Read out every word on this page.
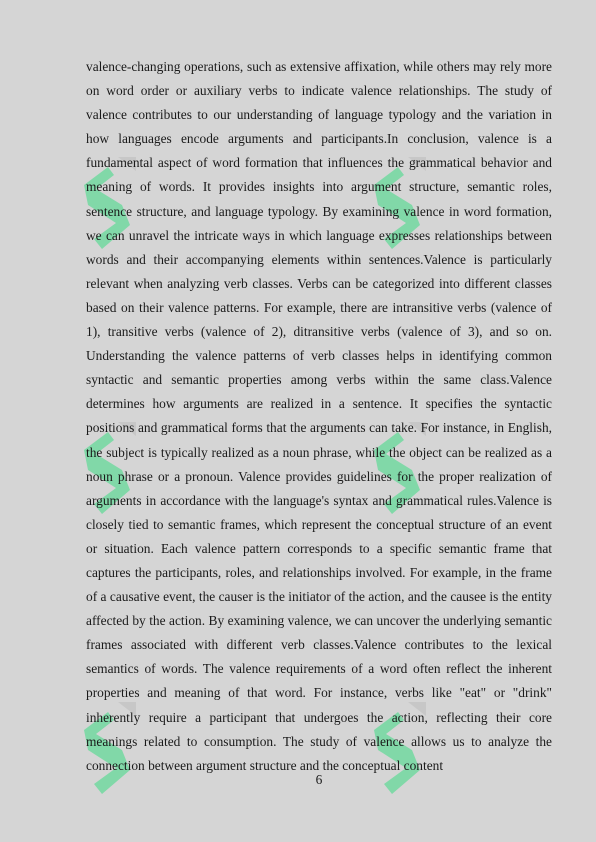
valence-changing operations, such as extensive affixation, while others may rely more on word order or auxiliary verbs to indicate valence relationships. The study of valence contributes to our understanding of language typology and the variation in how languages encode arguments and participants.In conclusion, valence is a fundamental aspect of word formation that influences the grammatical behavior and meaning of words. It provides insights into argument structure, semantic roles, sentence structure, and language typology. By examining valence in word formation, we can unravel the intricate ways in which language expresses relationships between words and their accompanying elements within sentences.Valence is particularly relevant when analyzing verb classes. Verbs can be categorized into different classes based on their valence patterns. For example, there are intransitive verbs (valence of 1), transitive verbs (valence of 2), ditransitive verbs (valence of 3), and so on. Understanding the valence patterns of verb classes helps in identifying common syntactic and semantic properties among verbs within the same class.Valence determines how arguments are realized in a sentence. It specifies the syntactic positions and grammatical forms that the arguments can take. For instance, in English, the subject is typically realized as a noun phrase, while the object can be realized as a noun phrase or a pronoun. Valence provides guidelines for the proper realization of arguments in accordance with the language's syntax and grammatical rules.Valence is closely tied to semantic frames, which represent the conceptual structure of an event or situation. Each valence pattern corresponds to a specific semantic frame that captures the participants, roles, and relationships involved. For example, in the frame of a causative event, the causer is the initiator of the action, and the causee is the entity affected by the action. By examining valence, we can uncover the underlying semantic frames associated with different verb classes.Valence contributes to the lexical semantics of words. The valence requirements of a word often reflect the inherent properties and meaning of that word. For instance, verbs like "eat" or "drink" inherently require a participant that undergoes the action, reflecting their core meanings related to consumption. The study of valence allows us to analyze the connection between argument structure and the conceptual content

6
